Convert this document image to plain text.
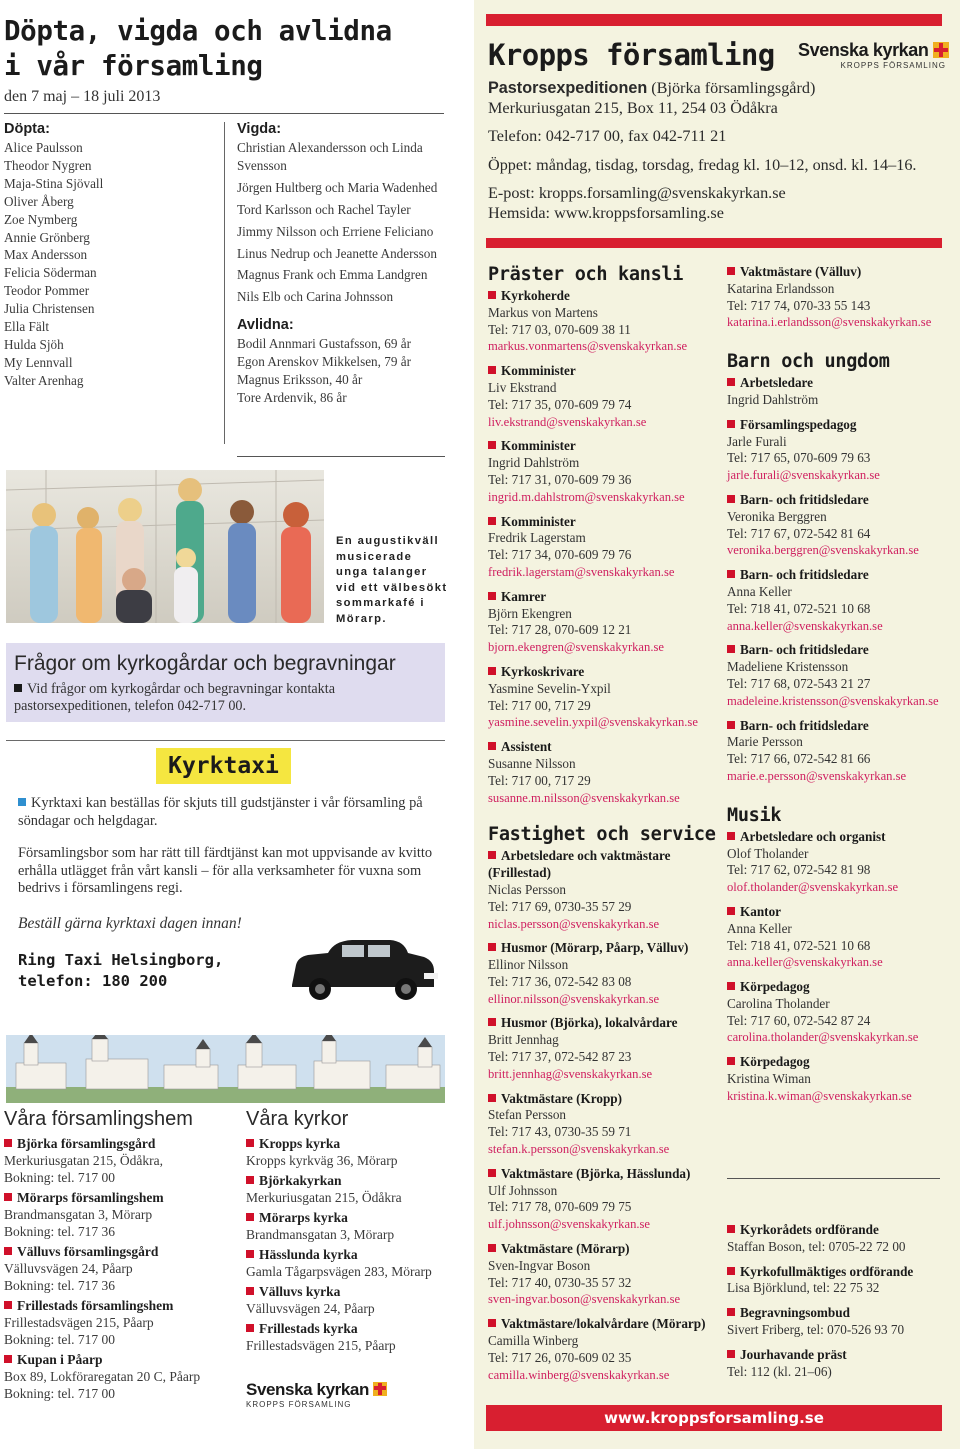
Döpta, vigda och avlidna
i vår församling
den 7 maj – 18 juli 2013
Döpta:
Alice Paulsson
Theodor Nygren
Maja-Stina Sjövall
Oliver Åberg
Zoe Nymberg
Annie Grönberg
Max Andersson
Felicia Söderman
Teodor Pommer
Julia Christensen
Ella Fält
Hulda Sjöh
My Lennvall
Valter Arenhag
Vigda:
Christian Alexandersson och Linda Svensson
Jörgen Hultberg och Maria Wadenhed
Tord Karlsson och Rachel Tayler
Jimmy Nilsson och Erriene Feliciano
Linus Nedrup och Jeanette Andersson
Magnus Frank och Emma Landgren
Nils Elb och Carina Johnsson
Avlidna:
Bodil Annmari Gustafsson, 69 år
Egon Arenskov Mikkelsen, 79 år
Magnus Eriksson, 40 år
Tore Ardenvik, 86 år
En augustikväll musicerade unga talanger vid ett välbesökt sommarkafé i Mörarp.
Frågor om kyrkogårdar och begravningar

Vid frågor om kyrkogårdar och begravningar kontakta pastorsexpeditionen, telefon 042-717 00.

Kyrktaxi
Kyrktaxi kan beställas för skjuts till gudstjänster i vår församling på söndagar och helgdagar.
Församlingsbor som har rätt till färdtjänst kan mot uppvisande av kvitto erhålla utlägget från vårt kansli – för alla verksamheter för vuxna som bedrivs i församlingens regi.
Beställ gärna kyrktaxi dagen innan!
Ring Taxi Helsingborg,
telefon: 180 200
Våra församlingshem
Björka församlingsgård
Merkuriusgatan 215, Ödåkra,
Bokning: tel. 717 00
Mörarps församlingshem
Brandmansgatan 3, Mörarp
Bokning: tel. 717 36
Välluvs församlingsgård
Välluvsvägen 24, Påarp
Bokning: tel. 717 36
Frillestads församlingshem
Frillestadsvägen 215, Påarp
Bokning: tel. 717 00
Kupan i Påarp
Box 89, Lokföraregatan 20 C, Påarp
Bokning: tel. 717 00
Våra kyrkor
Kropps kyrka
Kropps kyrkväg 36, Mörarp
Björkakyrkan
Merkuriusgatan 215, Ödåkra
Mörarps kyrka
Brandmansgatan 3, Mörarp
Hässlunda kyrka
Gamla Tågarpsvägen 283, Mörarp
Välluvs kyrka
Välluvsvägen 24, Påarp
Frillestads kyrka
Frillestadsvägen 215, Påarp
Svenska kyrkan
KROPPS FÖRSAMLING
Kropps församling Svenska kyrkan
KROPPS FÖRSAMLING
Pastorsexpeditionen (Björka församlingsgård)
Merkuriusgatan 215, Box 11, 254 03 Ödåkra
Telefon: 042-717 00, fax 042-711 21
Öppet: måndag, tisdag, torsdag, fredag kl. 10–12, onsd. kl. 14–16.
E-post: kropps.forsamling@svenskakyrkan.se
Hemsida: www.kroppsforsamling.se
Präster och kansli
Kyrkoherde
Markus von Martens
Tel: 717 03, 070-609 38 11
markus.vonmartens@svenskakyrkan.se
Komminister
Liv Ekstrand
Tel: 717 35, 070-609 79 74
liv.ekstrand@svenskakyrkan.se
Komminister
Ingrid Dahlström
Tel: 717 31, 070-609 79 36
ingrid.m.dahlstrom@svenskakyrkan.se
Komminister
Fredrik Lagerstam
Tel: 717 34, 070-609 79 76
fredrik.lagerstam@svenskakyrkan.se
Kamrer
Björn Ekengren
Tel: 717 28, 070-609 12 21
bjorn.ekengren@svenskakyrkan.se
Kyrkoskrivare
Yasmine Sevelin-Yxpil
Tel: 717 00, 717 29
yasmine.sevelin.yxpil@svenskakyrkan.se
Assistent
Susanne Nilsson
Tel: 717 00, 717 29
susanne.m.nilsson@svenskakyrkan.se
Fastighet och service
Arbetsledare och vaktmästare (Frillestad)
Niclas Persson
Tel: 717 69, 0730-35 57 29
niclas.persson@svenskakyrkan.se
Husmor (Mörarp, Påarp, Välluv)
Ellinor Nilsson
Tel: 717 36, 072-542 83 08
ellinor.nilsson@svenskakyrkan.se
Husmor (Björka), lokalvårdare
Britt Jennhag
Tel: 717 37, 072-542 87 23
britt.jennhag@svenskakyrkan.se
Vaktmästare (Kropp)
Stefan Persson
Tel: 717 43, 0730-35 59 71
stefan.k.persson@svenskakyrkan.se
Vaktmästare (Björka, Hässlunda)
Ulf Johnsson
Tel: 717 78, 070-609 79 75
ulf.johnsson@svenskakyrkan.se
Vaktmästare (Mörarp)
Sven-Ingvar Boson
Tel: 717 40, 0730-35 57 32
sven-ingvar.boson@svenskakyrkan.se
Vaktmästare/lokalvårdare (Mörarp)
Camilla Winberg
Tel: 717 26, 070-609 02 35
camilla.winberg@svenskakyrkan.se
Vaktmästare (Välluv)
Katarina Erlandsson
Tel: 717 74, 070-33 55 143
katarina.i.erlandsson@svenskakyrkan.se
Barn och ungdom
Arbetsledare
Ingrid Dahlström
Församlingspedagog
Jarle Furali
Tel: 717 65, 070-609 79 63
jarle.furali@svenskakyrkan.se
Barn- och fritidsledare
Veronika Berggren
Tel: 717 67, 072-542 81 64
veronika.berggren@svenskakyrkan.se
Barn- och fritidsledare
Anna Keller
Tel: 718 41, 072-521 10 68
anna.keller@svenskakyrkan.se
Barn- och fritidsledare
Madeliene Kristensson
Tel: 717 68, 072-543 21 27
madeleine.kristensson@svenskakyrkan.se
Barn- och fritidsledare
Marie Persson
Tel: 717 66, 072-542 81 66
marie.e.persson@svenskakyrkan.se
Musik
Arbetsledare och organist
Olof Tholander
Tel: 717 62, 072-542 81 98
olof.tholander@svenskakyrkan.se
Kantor
Anna Keller
Tel: 718 41, 072-521 10 68
anna.keller@svenskakyrkan.se
Körpedagog
Carolina Tholander
Tel: 717 60, 072-542 87 24
carolina.tholander@svenskakyrkan.se
Körpedagog
Kristina Wiman
kristina.k.wiman@svenskakyrkan.se
Kyrkorådets ordförande
Staffan Boson, tel: 0705-22 72 00
Kyrkofullmäktiges ordförande
Lisa Björklund, tel: 22 75 32
Begravningsombud
Sivert Friberg, tel: 070-526 93 70
Jourhavande präst
Tel: 112 (kl. 21–06)
www.kroppsforsamling.se
